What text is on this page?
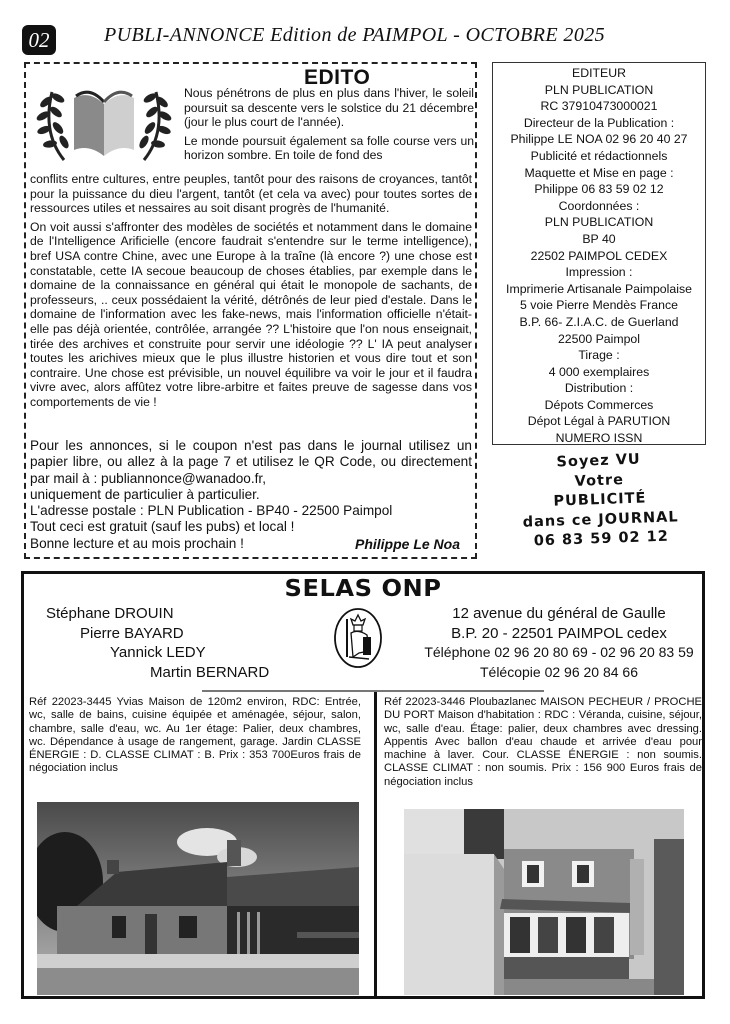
02	PUBLI-ANNONCE Edition de PAIMPOL - OCTOBRE 2025
EDITO

Nous pénétrons de plus en plus dans l'hiver, le soleil poursuit sa descente vers le solstice du 21 décembre (jour le plus court de l'année).

Le monde poursuit également sa folle course vers un horizon sombre. En toile de fond des

conflits entre cultures, entre peuples, tantôt pour des raisons de croyances, tantôt pour la puissance du dieu l'argent, tantôt (et cela va avec) pour toutes sortes de ressources utiles et nessaires au soit disant progrès de l'humanité.

On voit aussi s'affronter des modèles de sociétés et notamment dans le domaine de l'Intelligence Arificielle (encore faudrait s'entendre sur le terme intelligence), bref USA contre Chine, avec une Europe à la traîne (là encore ?) une chose est constatable, cette IA secoue beaucoup de choses établies, par exemple dans le domaine de la connaissance en général qui était le monopole de sachants, de professeurs, .. ceux possédaient la vérité, détrônés de leur pied d'estale. Dans le domaine de l'information avec les fake-news, mais l'information officielle n'était-elle pas déjà orientée, contrôlée, arrangée ?? L'histoire que l'on nous enseignait, tirée des archives et construite pour servir une idéologie ?? L' IA peut analyser toutes les arichives mieux que le plus illustre historien et vous dire tout et son contraire. Une chose est prévisible, un nouvel équilibre va voir le jour et il faudra vivre avec, alors affûtez votre libre-arbitre et faites preuve de sagesse dans vos comportements de vie !

Pour les annonces, si le coupon n'est pas dans le journal utilisez un papier libre, ou allez à la page 7 et utilisez le QR Code, ou directement par mail à : publiannonce@wanadoo.fr,
uniquement de particulier à particulier.
L'adresse postale : PLN Publication - BP40 - 22500 Paimpol
Tout ceci est gratuit (sauf les pubs) et local !
Bonne lecture et au mois prochain !	Philippe Le Noa
EDITEUR
PLN PUBLICATION
RC 37910473000021
Directeur de la Publication :
Philippe LE NOA 02 96 20 40 27
Publicité et rédactionnels
Maquette et Mise en page :
Philippe 06 83 59 02 12
Coordonnées :
PLN PUBLICATION
BP 40
22502 PAIMPOL CEDEX
Impression :
Imprimerie Artisanale Paimpolaise
5 voie Pierre Mendès France
B.P. 66- Z.I.A.C. de Guerland
22500 Paimpol
Tirage :
4 000 exemplaires
Distribution :
Dépots Commerces
Dépot Légal à PARUTION
NUMERO ISSN
Soyez VU
Votre
PUBLICITÉ
dans ce JOURNAL
06 83 59 02 12
SELAS ONP
Stéphane DROUIN
Pierre BAYARD
Yannick LEDY
Martin BERNARD
12 avenue du général de Gaulle
B.P. 20 - 22501 PAIMPOL cedex
Téléphone 02 96 20 80 69 - 02 96 20 83 59
Télécopie 02 96 20 84 66
Réf 22023-3445 Yvias Maison de 120m2 environ, RDC: Entrée, wc, salle de bains, cuisine équipée et aménagée, séjour, salon, chambre, salle d'eau, wc. Au 1er étage: Palier, deux chambres, wc. Dépendance à usage de rangement, garage. Jardin CLASSE ÉNERGIE : D. CLASSE CLIMAT : B. Prix : 353 700Euros frais de négociation inclus
Réf 22023-3446 Ploubazlanec MAISON PECHEUR / PROCHE DU PORT Maison d'habitation : RDC : Véranda, cuisine, séjour, wc, salle d'eau. Étage: palier, deux chambres avec dressing. Appentis Avec ballon d'eau chaude et arrivée d'eau pour machine à laver. Cour. CLASSE ÉNERGIE : non soumis. CLASSE CLIMAT : non soumis. Prix : 156 900 Euros frais de négociation inclus
